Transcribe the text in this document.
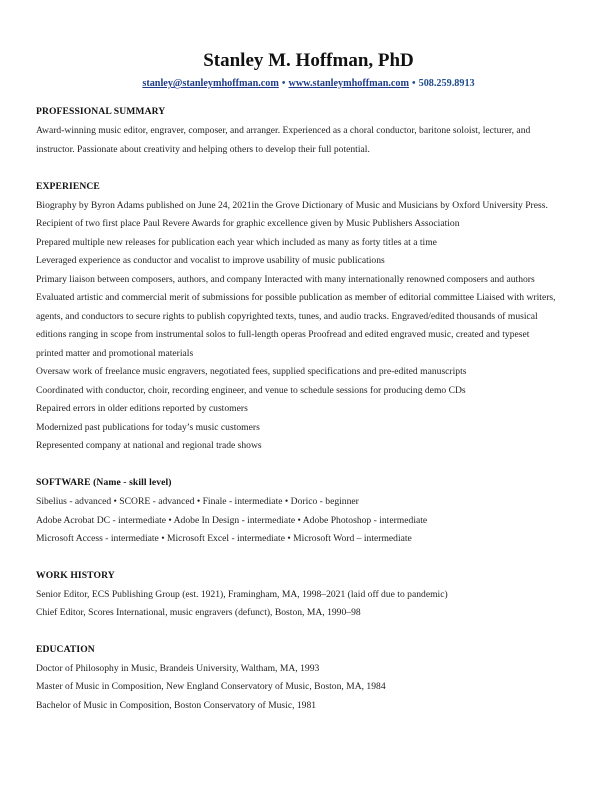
Stanley M. Hoffman, PhD
stanley@stanleymhoffman.com • www.stanleymhoffman.com • 508.259.8913
PROFESSIONAL SUMMARY
Award-winning music editor, engraver, composer, and arranger. Experienced as a choral conductor, baritone soloist, lecturer, and
instructor. Passionate about creativity and helping others to develop their full potential.
EXPERIENCE
Biography by Byron Adams published on June 24, 2021in the Grove Dictionary of Music and Musicians by Oxford University Press.
Recipient of two first place Paul Revere Awards for graphic excellence given by Music Publishers Association
Prepared multiple new releases for publication each year which included as many as forty titles at a time
Leveraged experience as conductor and vocalist to improve usability of music publications
Primary liaison between composers, authors, and company Interacted with many internationally renowned composers and authors
Evaluated artistic and commercial merit of submissions for possible publication as member of editorial committee Liaised with writers,
agents, and conductors to secure rights to publish copyrighted texts, tunes, and audio tracks. Engraved/edited thousands of musical
editions ranging in scope from instrumental solos to full-length operas Proofread and edited engraved music, created and typeset
printed matter and promotional materials
Oversaw work of freelance music engravers, negotiated fees, supplied specifications and pre-edited manuscripts
Coordinated with conductor, choir, recording engineer, and venue to schedule sessions for producing demo CDs
Repaired errors in older editions reported by customers
Modernized past publications for today’s music customers
Represented company at national and regional trade shows
SOFTWARE (Name - skill level)
Sibelius - advanced • SCORE - advanced • Finale - intermediate • Dorico - beginner
Adobe Acrobat DC - intermediate • Adobe In Design - intermediate • Adobe Photoshop - intermediate
Microsoft Access - intermediate • Microsoft Excel - intermediate • Microsoft Word – intermediate
WORK HISTORY
Senior Editor, ECS Publishing Group (est. 1921), Framingham, MA, 1998–2021 (laid off due to pandemic)
Chief Editor, Scores International, music engravers (defunct), Boston, MA, 1990–98
EDUCATION
Doctor of Philosophy in Music, Brandeis University, Waltham, MA, 1993
Master of Music in Composition, New England Conservatory of Music, Boston, MA, 1984
Bachelor of Music in Composition, Boston Conservatory of Music, 1981
